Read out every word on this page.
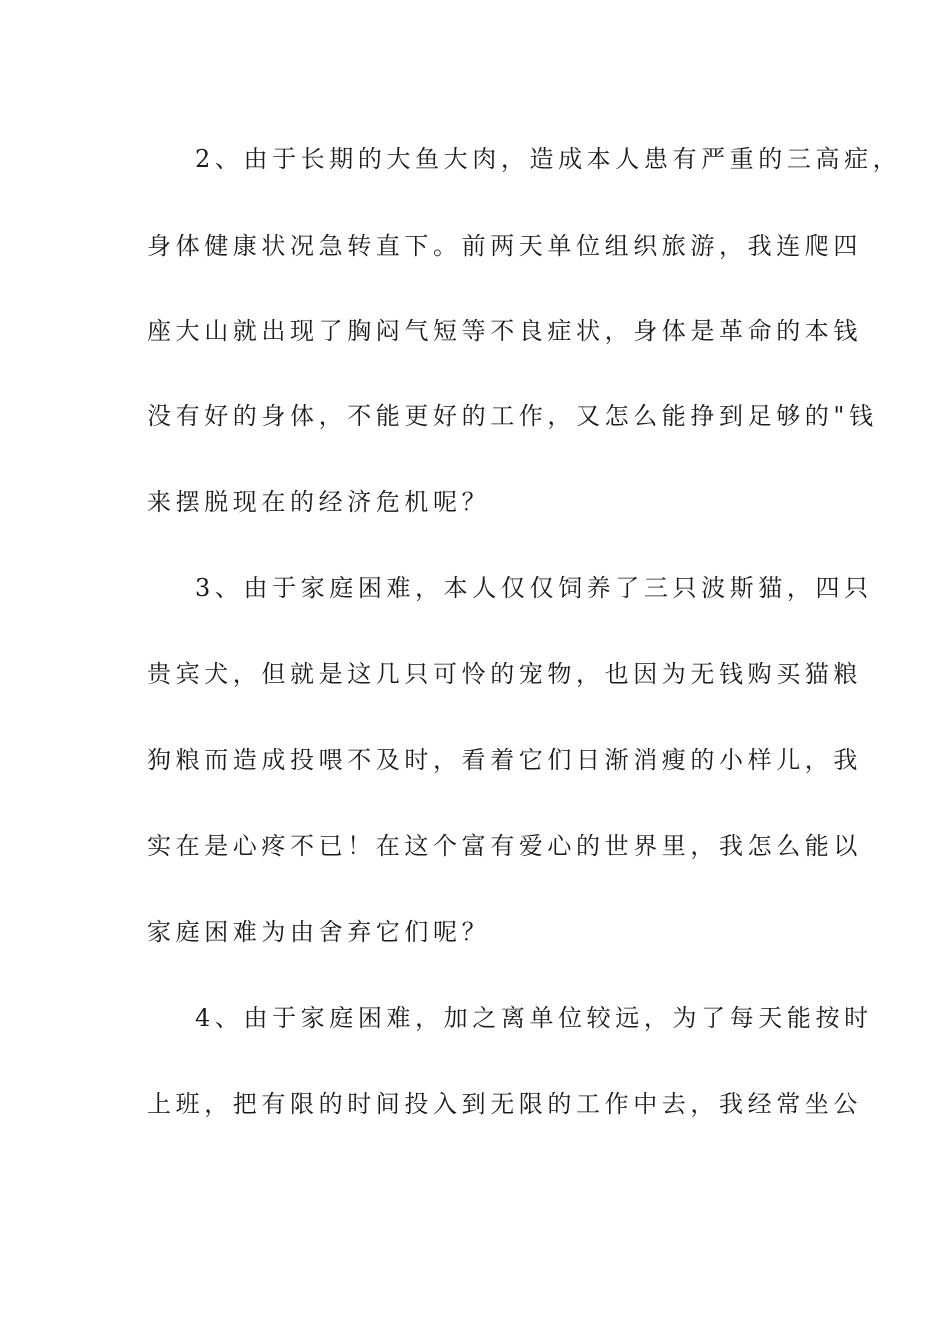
2、由于长期的大鱼大肉，造成本人患有严重的三高症，
身体健康状况急转直下。前两天单位组织旅游，我连爬四
座大山就出现了胸闷气短等不良症状，身体是革命的本钱
没有好的身体，不能更好的工作，又怎么能挣到足够的"钱
来摆脱现在的经济危机呢？
3、由于家庭困难，本人仅仅饲养了三只波斯猫，四只
贵宾犬，但就是这几只可怜的宠物，也因为无钱购买猫粮
狗粮而造成投喂不及时，看着它们日渐消瘦的小样儿，我
实在是心疼不已！在这个富有爱心的世界里，我怎么能以
家庭困难为由舍弃它们呢？
4、由于家庭困难，加之离单位较远，为了每天能按时
上班，把有限的时间投入到无限的工作中去，我经常坐公
